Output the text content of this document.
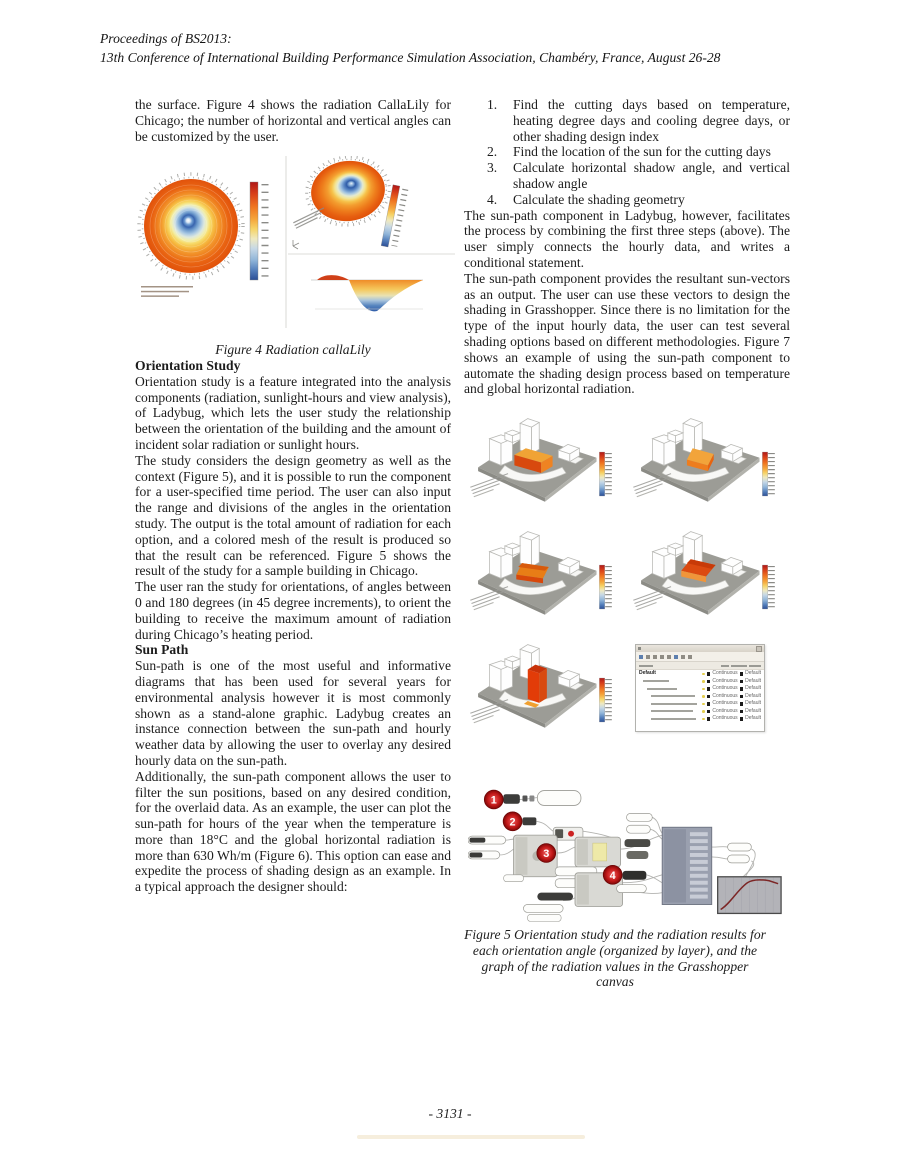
Proceedings of BS2013:
13th Conference of International Building Performance Simulation Association, Chambéry, France, August 26-28

the surface. Figure 4 shows the radiation CallaLily for Chicago; the number of horizontal and vertical angles can be customized by the user.

Figure 4 Radiation callaLily

Orientation Study

Orientation study is a feature integrated into the analysis components (radiation, sunlight-hours and view analysis), of Ladybug, which lets the user study the relationship between the orientation of the building and the amount of incident solar radiation or sunlight hours.

The study considers the design geometry as well as the context (Figure 5), and it is possible to run the component for a user-specified time period. The user can also input the range and divisions of the angles in the orientation study. The output is the total amount of radiation for each option, and a colored mesh of the result is produced so that the result can be referenced. Figure 5 shows the result of the study for a sample building in Chicago.

The user ran the study for orientations, of angles between 0 and 180 degrees (in 45 degree increments), to orient the building to receive the maximum amount of radiation during Chicago’s heating period.

Sun Path

Sun-path is one of the most useful and informative diagrams that has been used for several years for environmental analysis however it is most commonly shown as a stand-alone graphic. Ladybug creates an instance connection between the sun-path and hourly weather data by allowing the user to overlay any desired hourly data on the sun-path.

Additionally, the sun-path component allows the user to filter the sun positions, based on any desired condition, for the overlaid data. As an example, the user can plot the sun-path for hours of the year when the temperature is more than 18°C and the global horizontal radiation is more than 630 Wh/m (Figure 6). This option can ease and expedite the process of shading design as an example. In a typical approach the designer should:

1.	Find the cutting days based on temperature, heating degree days and cooling degree days, or other shading design index
2.	Find the location of the sun for the cutting days
3.	Calculate horizontal shadow angle, and vertical shadow angle
4.	Calculate the shading geometry

The sun-path component in Ladybug, however, facilitates the process by combining the first three steps (above). The user simply connects the hourly data, and writes a conditional statement.

The sun-path component provides the resultant sun-vectors as an output. The user can use these vectors to design the shading in Grasshopper. Since there is no limitation for the type of the input hourly data, the user can test several shading options based on different methodologies. Figure 7 shows an example of using the sun-path component to automate the shading design process based on temperature and global horizontal radiation.

Default	Continuous Default
Continuous Default
Continuous Default
Continuous Default
Continuous Default
Continuous Default
Continuous Default
1
2
3
4

Figure 5 Orientation study and the radiation results for each orientation angle (organized by layer), and the graph of the radiation values in the Grasshopper canvas

- 3131 -
